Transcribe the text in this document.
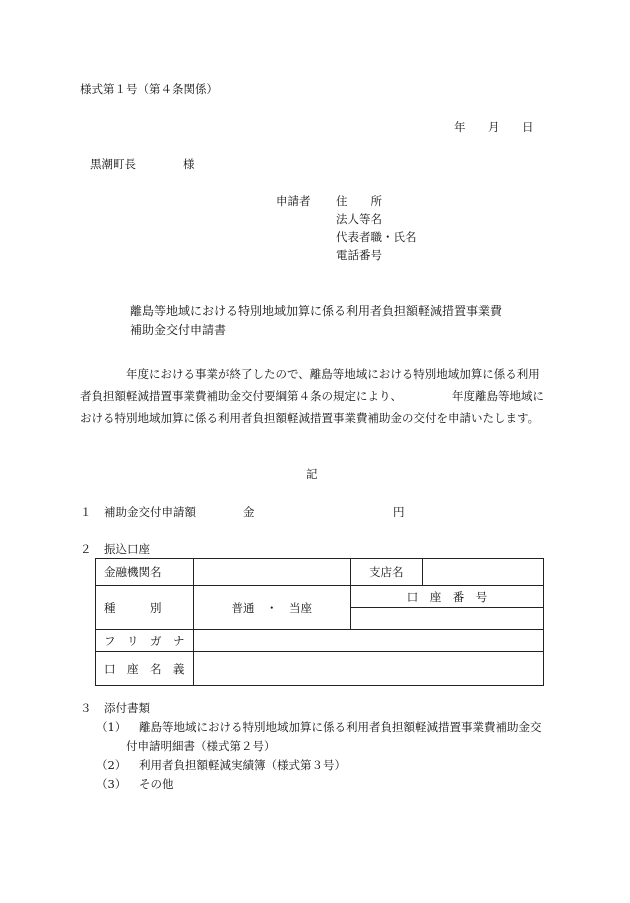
様式第１号（第４条関係）
年 月 日
黒潮町長	様
申請者 住　　所
法人等名
代表者職・氏名
電話番号
離島等地域における特別地域加算に係る利用者負担額軽減措置事業費
補助金交付申請書
年度における事業が終了したので、離島等地域における特別地域加算に係る利用
者負担額軽減措置事業費補助金交付要綱第４条の規定により、	年度離島等地域に
おける特別地域加算に係る利用者負担額軽減措置事業費補助金の交付を申請いたします。
記
１ 補助金交付申請額	金	円
２ 振込口座
金融機関名		支店名	
種　　　別	普通　・　当座	口　座　番　号	

フ　リ　ガ　ナ			
口　座　名　義			
３ 添付書類
（1） 離島等地域における特別地域加算に係る利用者負担額軽減措置事業費補助金交
付申請明細書（様式第２号）
（2） 利用者負担額軽減実績簿（様式第３号）
（3） その他
